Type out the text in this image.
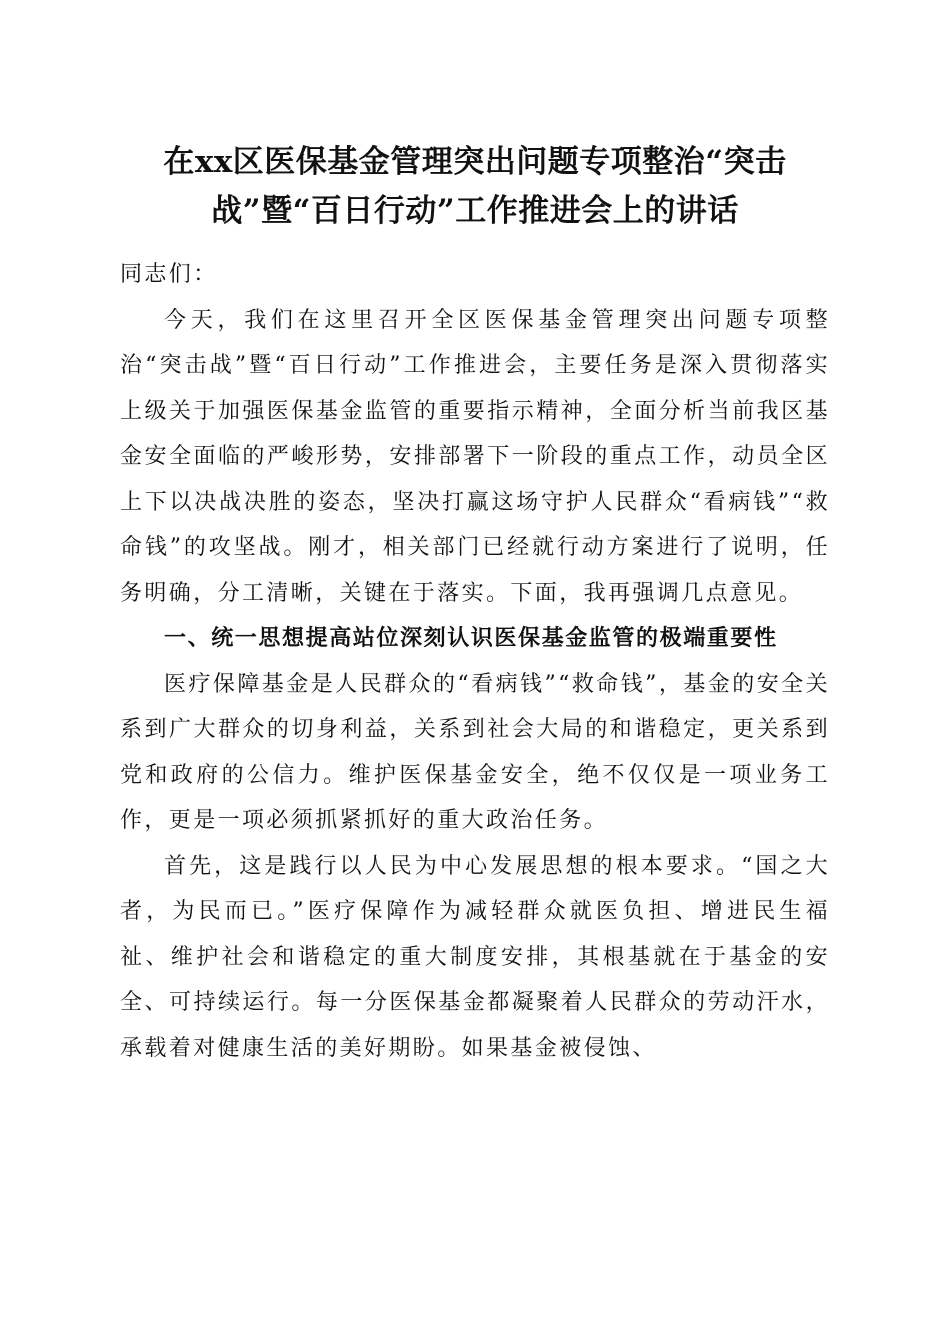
在xx区医保基金管理突出问题专项整治“突击战”暨“百日行动”工作推进会上的讲话

同志们：

今天，我们在这里召开全区医保基金管理突出问题专项整治“突击战”暨“百日行动”工作推进会，主要任务是深入贯彻落实上级关于加强医保基金监管的重要指示精神，全面分析当前我区基金安全面临的严峻形势，安排部署下一阶段的重点工作，动员全区上下以决战决胜的姿态，坚决打赢这场守护人民群众“看病钱”“救命钱”的攻坚战。刚才，相关部门已经就行动方案进行了说明，任务明确，分工清晰，关键在于落实。下面，我再强调几点意见。

一、统一思想提高站位深刻认识医保基金监管的极端重要性

医疗保障基金是人民群众的“看病钱”“救命钱”，基金的安全关系到广大群众的切身利益，关系到社会大局的和谐稳定，更关系到党和政府的公信力。维护医保基金安全，绝不仅仅是一项业务工作，更是一项必须抓紧抓好的重大政治任务。

首先，这是践行以人民为中心发展思想的根本要求。“国之大者，为民而已。”医疗保障作为减轻群众就医负担、增进民生福祉、维护社会和谐稳定的重大制度安排，其根基就在于基金的安全、可持续运行。每一分医保基金都凝聚着人民群众的劳动汗水，承载着对健康生活的美好期盼。如果基金被侵蚀、
